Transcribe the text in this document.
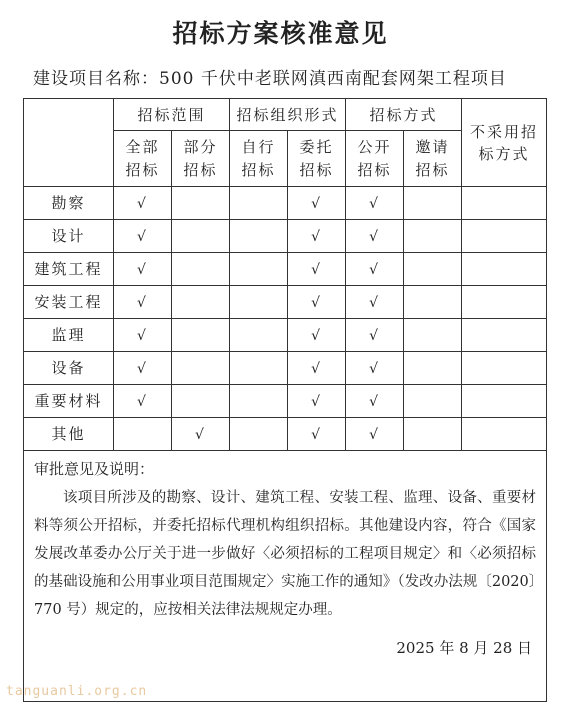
招标方案核准意见
建设项目名称：500 千伏中老联网滇西南配套网架工程项目
	招标范围		招标组织形式		招标方式		不采用招标方式

	全部招标	部分招标	自行招标	委托招标	公开招标	邀请招标	

勘察	√			√	√		
设计	√			√	√		
建筑工程	√			√	√		
安装工程	√			√	√		
监理	√			√	√		
设备	√			√	√		
重要材料	√			√	√		
其他		√		√	√		

审批意见及说明：
该项目所涉及的勘察、设计、建筑工程、安装工程、监理、设备、重要材料等须公开招标，并委托招标代理机构组织招标。其他建设内容，符合《国家发展改革委办公厅关于进一步做好〈必须招标的工程项目规定〉和〈必须招标的基础设施和公用事业项目范围规定〉实施工作的通知》（发改办法规〔2020〕770 号）规定的，应按相关法律法规规定办理。
2025 年 8 月 28 日							
tanguanli.org.cn
